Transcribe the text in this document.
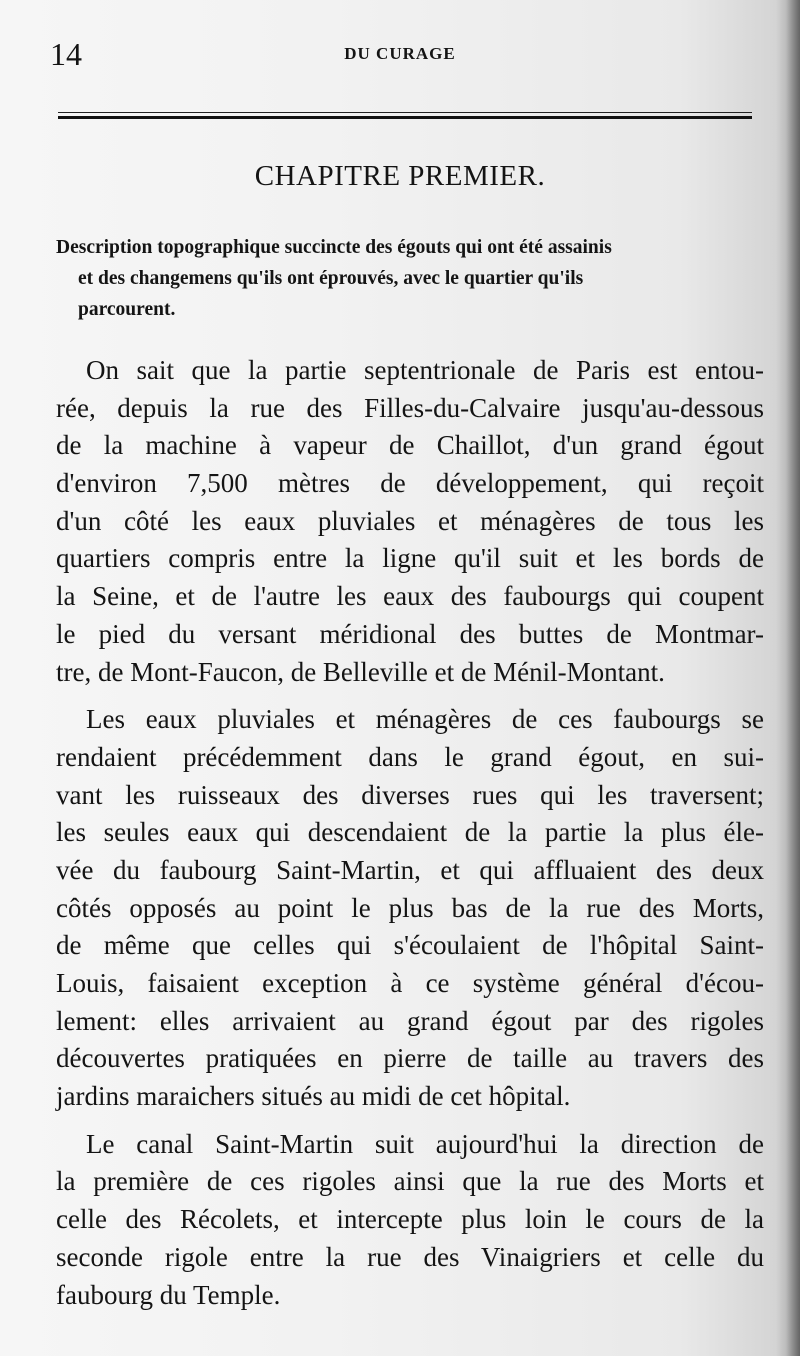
14	DU CURAGE
CHAPITRE PREMIER.
Description topographique succincte des égouts qui ont été assainis
et des changemens qu'ils ont éprouvés, avec le quartier qu'ils
parcourent.
On sait que la partie septentrionale de Paris est entou-
rée, depuis la rue des Filles-du-Calvaire jusqu'au-dessous
de la machine à vapeur de Chaillot, d'un grand égout
d'environ 7,500 mètres de développement, qui reçoit
d'un côté les eaux pluviales et ménagères de tous les
quartiers compris entre la ligne qu'il suit et les bords de
la Seine, et de l'autre les eaux des faubourgs qui coupent
le pied du versant méridional des buttes de Montmar-
tre, de Mont-Faucon, de Belleville et de Ménil-Montant.
Les eaux pluviales et ménagères de ces faubourgs se
rendaient précédemment dans le grand égout, en sui-
vant les ruisseaux des diverses rues qui les traversent;
les seules eaux qui descendaient de la partie la plus éle-
vée du faubourg Saint-Martin, et qui affluaient des deux
côtés opposés au point le plus bas de la rue des Morts,
de même que celles qui s'écoulaient de l'hôpital Saint-
Louis, faisaient exception à ce système général d'écou-
lement: elles arrivaient au grand égout par des rigoles
découvertes pratiquées en pierre de taille au travers des
jardins maraichers situés au midi de cet hôpital.
Le canal Saint-Martin suit aujourd'hui la direction de
la première de ces rigoles ainsi que la rue des Morts et
celle des Récolets, et intercepte plus loin le cours de la
seconde rigole entre la rue des Vinaigriers et celle du
faubourg du Temple.
